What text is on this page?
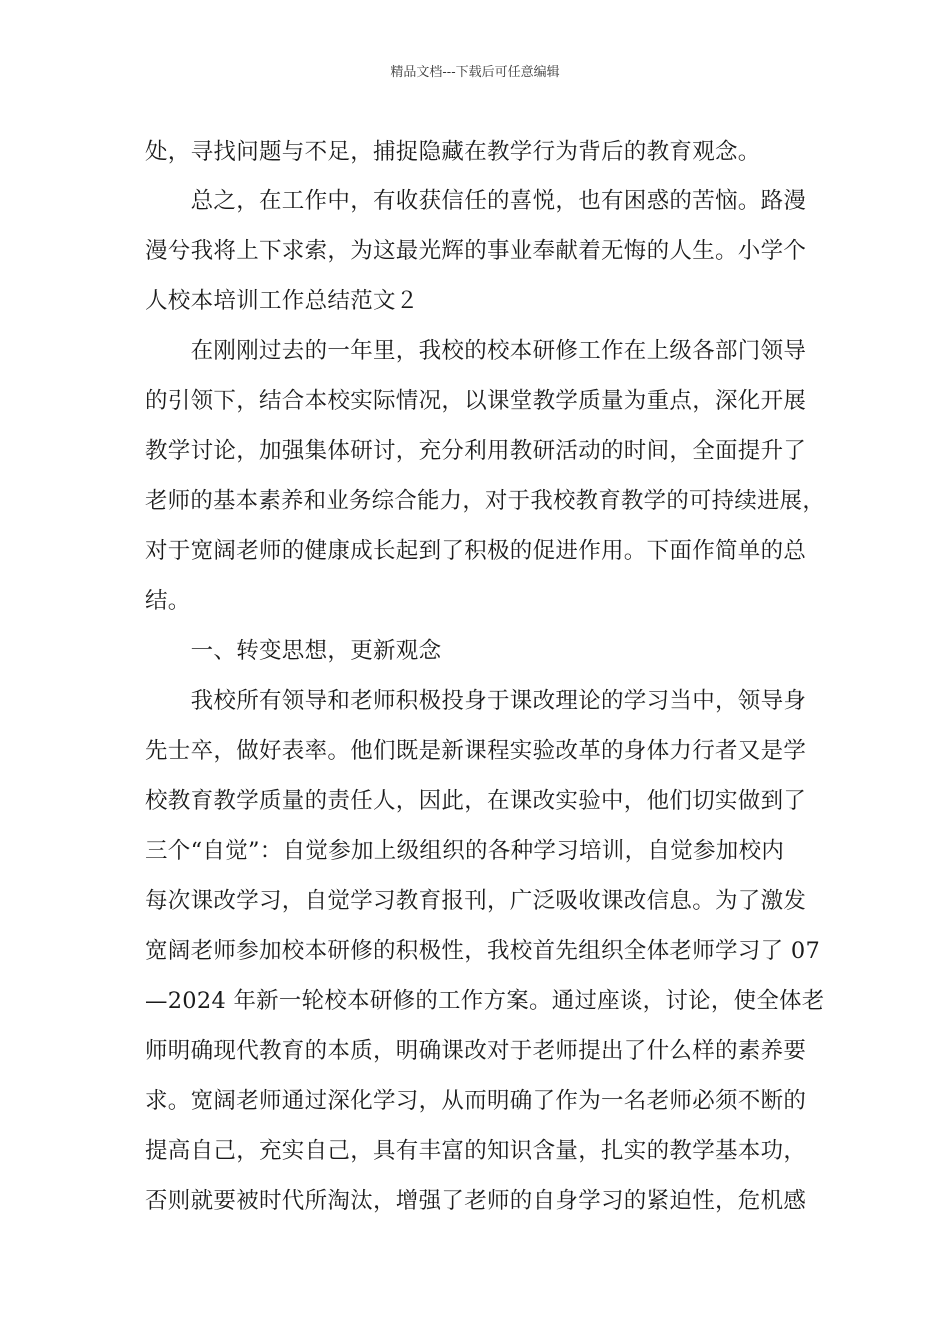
精品文档---下载后可任意编辑
处，寻找问题与不足，捕捉隐藏在教学行为背后的教育观念。
　　总之，在工作中，有收获信任的喜悦，也有困惑的苦恼。路漫
漫兮我将上下求索，为这最光辉的事业奉献着无悔的人生。小学个
人校本培训工作总结范文２
　　在刚刚过去的一年里，我校的校本研修工作在上级各部门领导
的引领下，结合本校实际情况，以课堂教学质量为重点，深化开展
教学讨论，加强集体研讨，充分利用教研活动的时间，全面提升了
老师的基本素养和业务综合能力，对于我校教育教学的可持续进展，
对于宽阔老师的健康成长起到了积极的促进作用。下面作简单的总
结。
　　一、转变思想，更新观念
　　我校所有领导和老师积极投身于课改理论的学习当中，领导身
先士卒，做好表率。他们既是新课程实验改革的身体力行者又是学
校教育教学质量的责任人，因此，在课改实验中，他们切实做到了
三个“自觉”：自觉参加上级组织的各种学习培训，自觉参加校内
每次课改学习，自觉学习教育报刊，广泛吸收课改信息。为了激发
宽阔老师参加校本研修的积极性，我校首先组织全体老师学习了 07
—2024 年新一轮校本研修的工作方案。通过座谈，讨论，使全体老
师明确现代教育的本质，明确课改对于老师提出了什么样的素养要
求。宽阔老师通过深化学习，从而明确了作为一名老师必须不断的
提高自己，充实自己，具有丰富的知识含量，扎实的教学基本功，
否则就要被时代所淘汰，增强了老师的自身学习的紧迫性，危机感
